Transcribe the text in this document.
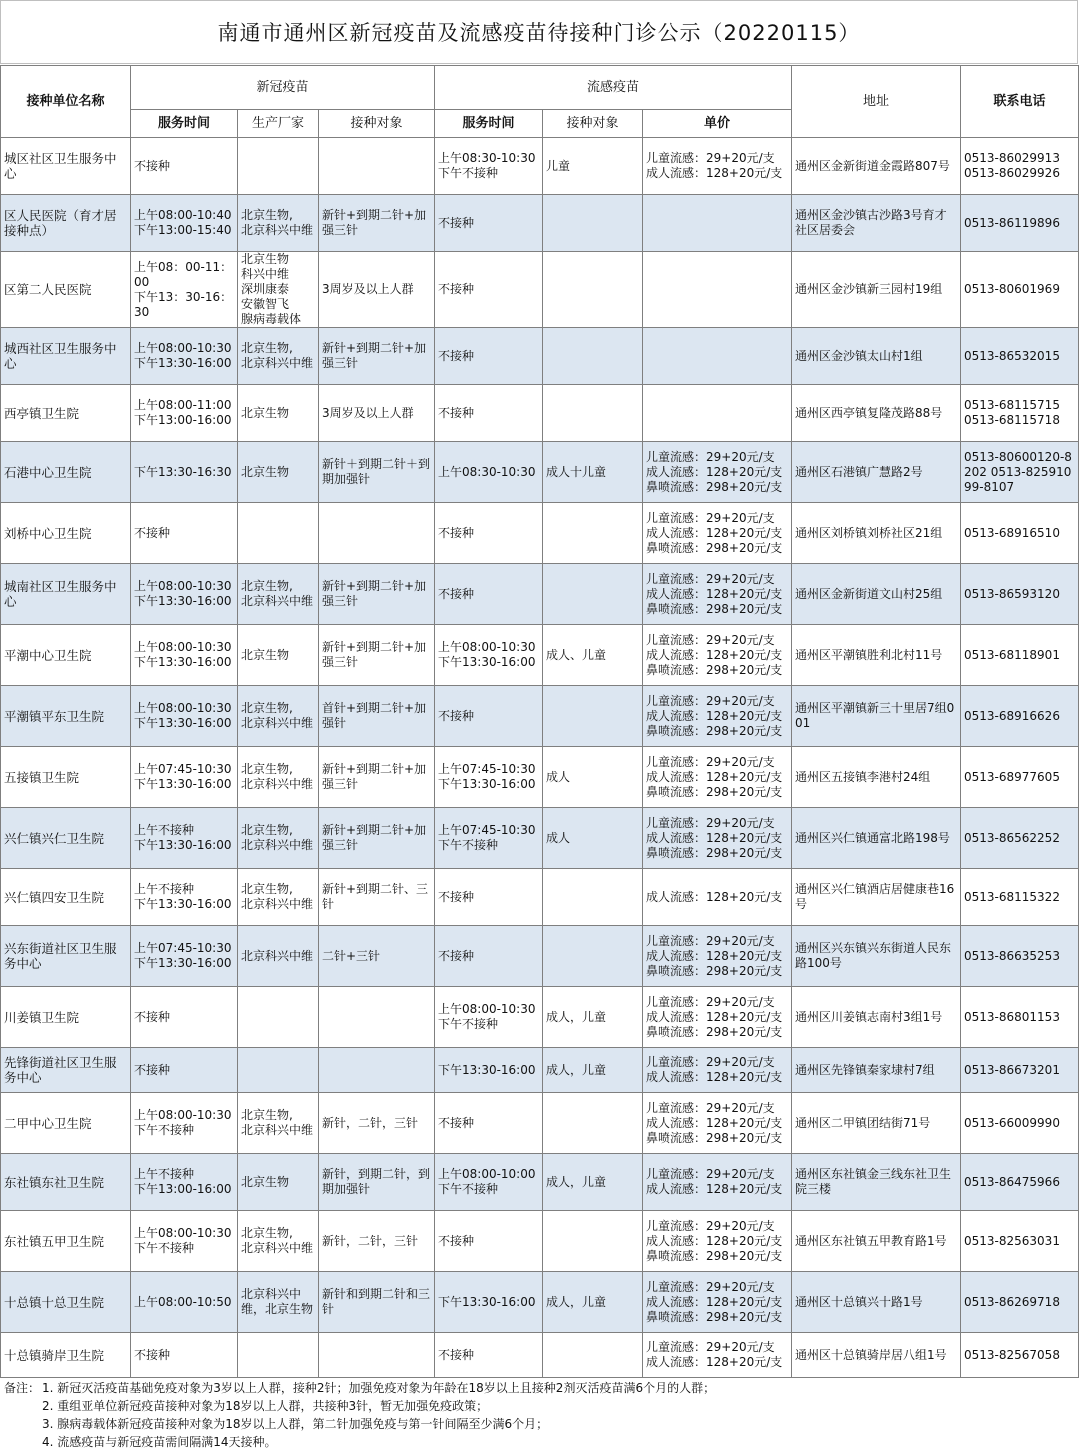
南通市通州区新冠疫苗及流感疫苗待接种门诊公示（20220115）
接种单位名称	新冠疫苗			流感疫苗			地址	联系电话
	服务时间	生产厂家	接种对象	服务时间	接种对象	单价		
城区社区卫生服务中心	不接种			上午08:30-10:30
下午不接种	儿童	儿童流感：29+20元/支
成人流感：128+20元/支	通州区金新街道金霞路807号	0513-86029913
0513-86029926
区人民医院（育才居接种点）	上午08:00-10:40
下午13:00-15:40	北京生物,
北京科兴中维	新针+到期二针+加强三针	不接种			通州区金沙镇古沙路3号育才社区居委会	0513-86119896
区第二人民医院	上午08：00-11：00
下午13：30-16：30	北京生物
科兴中维
深圳康泰
安徽智飞
腺病毒载体	3周岁及以上人群	不接种			通州区金沙镇新三园村19组	0513-80601969
城西社区卫生服务中心	上午08:00-10:30
下午13:30-16:00	北京生物,
北京科兴中维	新针+到期二针+加强三针	不接种			通州区金沙镇太山村1组	0513-86532015
西亭镇卫生院	上午08:00-11:00
下午13:00-16:00	北京生物	3周岁及以上人群	不接种			通州区西亭镇复隆茂路88号	0513-68115715
0513-68115718
石港中心卫生院	下午13:30-16:30	北京生物	新针＋到期二针＋到期加强针	上午08:30-10:30	成人十儿童	儿童流感：29+20元/支
成人流感：128+20元/支
鼻喷流感：298+20元/支	通州区石港镇广慧路2号	0513-80600120-8202 0513-82591099-8107
刘桥中心卫生院	不接种			不接种		儿童流感：29+20元/支
成人流感：128+20元/支
鼻喷流感：298+20元/支	通州区刘桥镇刘桥社区21组	0513-68916510
城南社区卫生服务中心	上午08:00-10:30
下午13:30-16:00	北京生物,
北京科兴中维	新针+到期二针+加强三针	不接种		儿童流感：29+20元/支
成人流感：128+20元/支
鼻喷流感：298+20元/支	通州区金新街道文山村25组	0513-86593120
平潮中心卫生院	上午08:00-10:30
下午13:30-16:00	北京生物	新针+到期二针+加强三针	上午08:00-10:30
下午13:30-16:00	成人、儿童	儿童流感：29+20元/支
成人流感：128+20元/支
鼻喷流感：298+20元/支	通州区平潮镇胜利北村11号	0513-68118901
平潮镇平东卫生院	上午08:00-10:30
下午13:30-16:00	北京生物,
北京科兴中维	首针+到期二针+加强针	不接种		儿童流感：29+20元/支
成人流感：128+20元/支
鼻喷流感：298+20元/支	通州区平潮镇新三十里居7组001	0513-68916626
五接镇卫生院	上午07:45-10:30
下午13:30-16:00	北京生物,
北京科兴中维	新针+到期二针+加强三针	上午07:45-10:30
下午13:30-16:00	成人	儿童流感：29+20元/支
成人流感：128+20元/支
鼻喷流感：298+20元/支	通州区五接镇李港村24组	0513-68977605
兴仁镇兴仁卫生院	上午不接种
下午13:30-16:00	北京生物,
北京科兴中维	新针+到期二针+加强三针	上午07:45-10:30
下午不接种	成人	儿童流感：29+20元/支
成人流感：128+20元/支
鼻喷流感：298+20元/支	通州区兴仁镇通富北路198号	0513-86562252
兴仁镇四安卫生院	上午不接种
下午13:30-16:00	北京生物,
北京科兴中维	新针+到期二针、三针	不接种		成人流感：128+20元/支	通州区兴仁镇酒店居健康巷16号	0513-68115322
兴东街道社区卫生服务中心	上午07:45-10:30
下午13:30-16:00	北京科兴中维	二针+三针	不接种		儿童流感：29+20元/支
成人流感：128+20元/支
鼻喷流感：298+20元/支	通州区兴东镇兴东街道人民东路100号	0513-86635253
川姜镇卫生院	不接种			上午08:00-10:30
下午不接种	成人，儿童	儿童流感：29+20元/支
成人流感：128+20元/支
鼻喷流感：298+20元/支	通州区川姜镇志南村3组1号	0513-86801153
先锋街道社区卫生服务中心	不接种			下午13:30-16:00	成人，儿童	儿童流感：29+20元/支
成人流感：128+20元/支	通州区先锋镇秦家埭村7组	0513-86673201
二甲中心卫生院	上午08:00-10:30
下午不接种	北京生物,
北京科兴中维	新针，二针，三针	不接种		儿童流感：29+20元/支
成人流感：128+20元/支
鼻喷流感：298+20元/支	通州区二甲镇团结街71号	0513-66009990
东社镇东社卫生院	上午不接种
下午13:00-16:00	北京生物	新针，到期二针，到期加强针	上午08:00-10:00
下午不接种	成人，儿童	儿童流感：29+20元/支
成人流感：128+20元/支	通州区东社镇金三线东社卫生院三楼	0513-86475966
东社镇五甲卫生院	上午08:00-10:30
下午不接种	北京生物,
北京科兴中维	新针，二针，三针	不接种		儿童流感：29+20元/支
成人流感：128+20元/支
鼻喷流感：298+20元/支	通州区东社镇五甲教育路1号	0513-82563031
十总镇十总卫生院	上午08:00-10:50	北京科兴中维，北京生物	新针和到期二针和三针	下午13:30-16:00	成人，儿童	儿童流感：29+20元/支
成人流感：128+20元/支
鼻喷流感：298+20元/支	通州区十总镇兴十路1号	0513-86269718
十总镇骑岸卫生院	不接种			不接种		儿童流感：29+20元/支
成人流感：128+20元/支	通州区十总镇骑岸居八组1号	0513-82567058
备注： 1. 新冠灭活疫苗基础免疫对象为3岁以上人群，接种2针；加强免疫对象为年龄在18岁以上且接种2剂灭活疫苗满6个月的人群；
2. 重组亚单位新冠疫苗接种对象为18岁以上人群，共接种3针，暂无加强免疫政策；
3. 腺病毒载体新冠疫苗接种对象为18岁以上人群，第二针加强免疫与第一针间隔至少满6个月；
4. 流感疫苗与新冠疫苗需间隔满14天接种。
